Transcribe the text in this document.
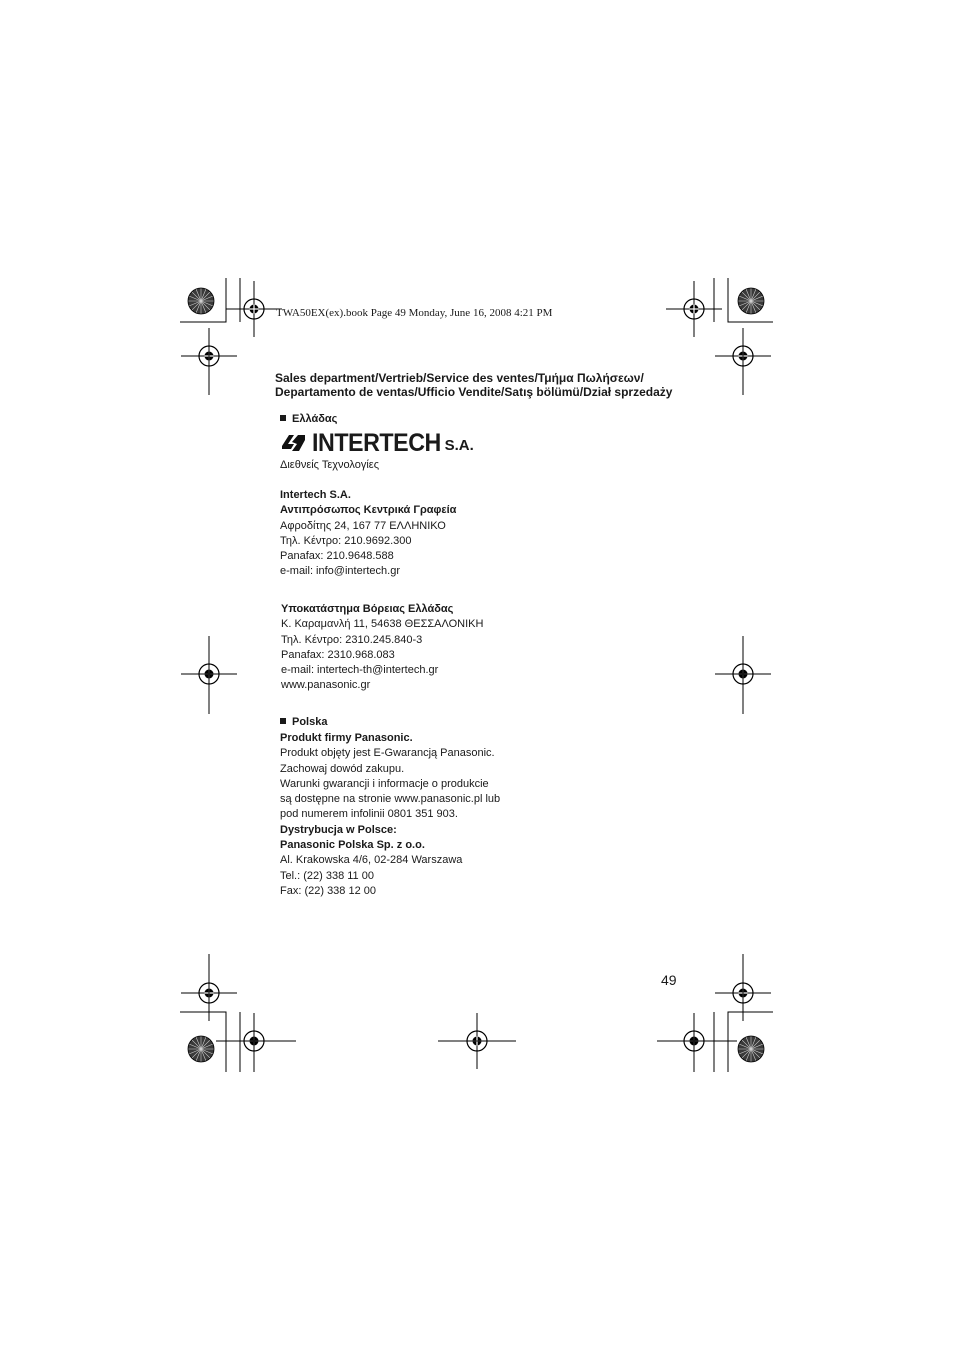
TWA50EX(ex).book Page 49 Monday, June 16, 2008 4:21 PM
Sales department/Vertrieb/Service des ventes/Τμήμα Πωλήσεων/
Departamento de ventas/Ufficio Vendite/Satış bölümü/Dział sprzedaży
Ελλάδας
INTERTECH S.A.
Διεθνείς Τεχνολογίες
Intertech S.A.
Αντιπρόσωπος Κεντρικά Γραφεία
Αφροδίτης 24, 167 77 ΕΛΛΗΝΙΚΟ
Τηλ. Κέντρο: 210.9692.300
Panafax: 210.9648.588
e-mail: info@intertech.gr
Υποκατάστημα Βόρειας Ελλάδας
Κ. Καραμανλή 11, 54638 ΘΕΣΣΑΛΟΝΙΚΗ
Τηλ. Κέντρο: 2310.245.840-3
Panafax: 2310.968.083
e-mail: intertech-th@intertech.gr
www.panasonic.gr
Polska
Produkt firmy Panasonic.
Produkt objęty jest E-Gwarancją Panasonic.
Zachowaj dowód zakupu.
Warunki gwarancji i informacje o produkcie
są dostępne na stronie www.panasonic.pl lub
pod numerem infolinii 0801 351 903.
Dystrybucja w Polsce:
Panasonic Polska Sp. z o.o.
Al. Krakowska 4/6, 02-284 Warszawa
Tel.: (22) 338 11 00
Fax: (22) 338 12 00
49
